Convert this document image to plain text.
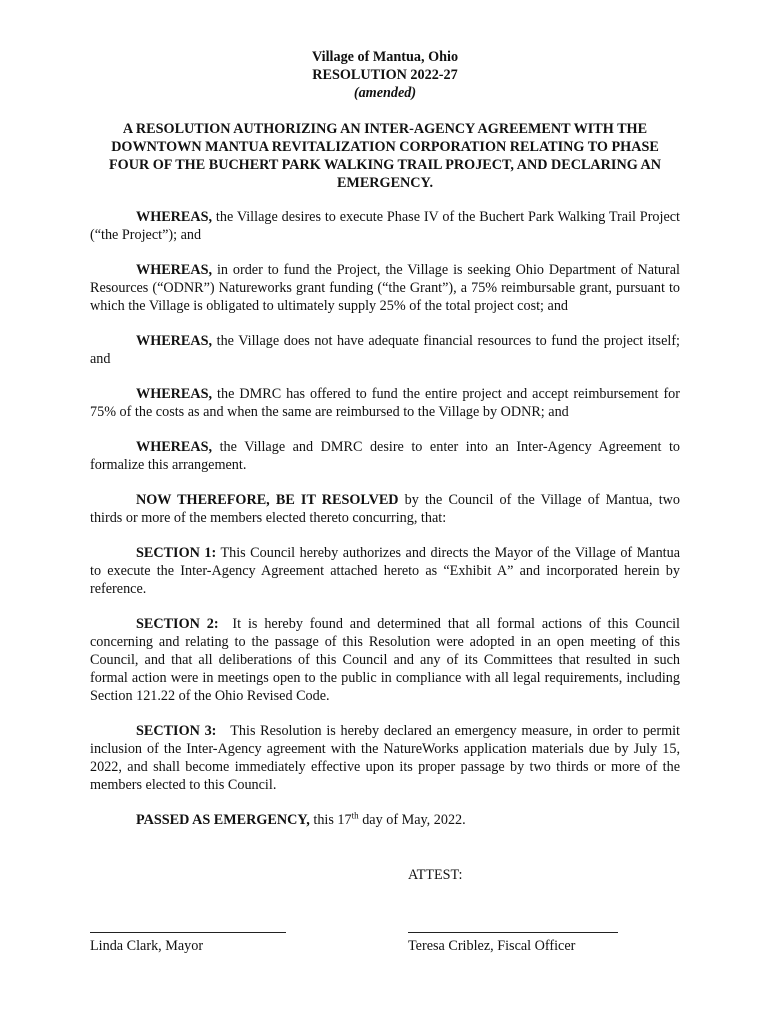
Village of Mantua, Ohio
RESOLUTION 2022-27
(amended)
A RESOLUTION AUTHORIZING AN INTER-AGENCY AGREEMENT WITH THE DOWNTOWN MANTUA REVITALIZATION CORPORATION RELATING TO PHASE FOUR OF THE BUCHERT PARK WALKING TRAIL PROJECT, AND DECLARING AN EMERGENCY.

WHEREAS, the Village desires to execute Phase IV of the Buchert Park Walking Trail Project (“the Project”); and

WHEREAS, in order to fund the Project, the Village is seeking Ohio Department of Natural Resources (“ODNR”) Natureworks grant funding (“the Grant”), a 75% reimbursable grant, pursuant to which the Village is obligated to ultimately supply 25% of the total project cost; and

WHEREAS, the Village does not have adequate financial resources to fund the project itself; and

WHEREAS, the DMRC has offered to fund the entire project and accept reimbursement for 75% of the costs as and when the same are reimbursed to the Village by ODNR; and

WHEREAS, the Village and DMRC desire to enter into an Inter-Agency Agreement to formalize this arrangement.

NOW THEREFORE, BE IT RESOLVED by the Council of the Village of Mantua, two thirds or more of the members elected thereto concurring, that:

SECTION 1: This Council hereby authorizes and directs the Mayor of the Village of Mantua to execute the Inter-Agency Agreement attached hereto as “Exhibit A” and incorporated herein by reference.

SECTION 2:  It is hereby found and determined that all formal actions of this Council concerning and relating to the passage of this Resolution were adopted in an open meeting of this Council, and that all deliberations of this Council and any of its Committees that resulted in such formal action were in meetings open to the public in compliance with all legal requirements, including Section 121.22 of the Ohio Revised Code.

SECTION 3:   This Resolution is hereby declared an emergency measure, in order to permit inclusion of the Inter-Agency agreement with the NatureWorks application materials due by July 15, 2022, and shall become immediately effective upon its proper passage by two thirds or more of the members elected to this Council.

PASSED AS EMERGENCY, this 17th day of May, 2022.

ATTEST:
Linda Clark, Mayor	Teresa Criblez, Fiscal Officer
